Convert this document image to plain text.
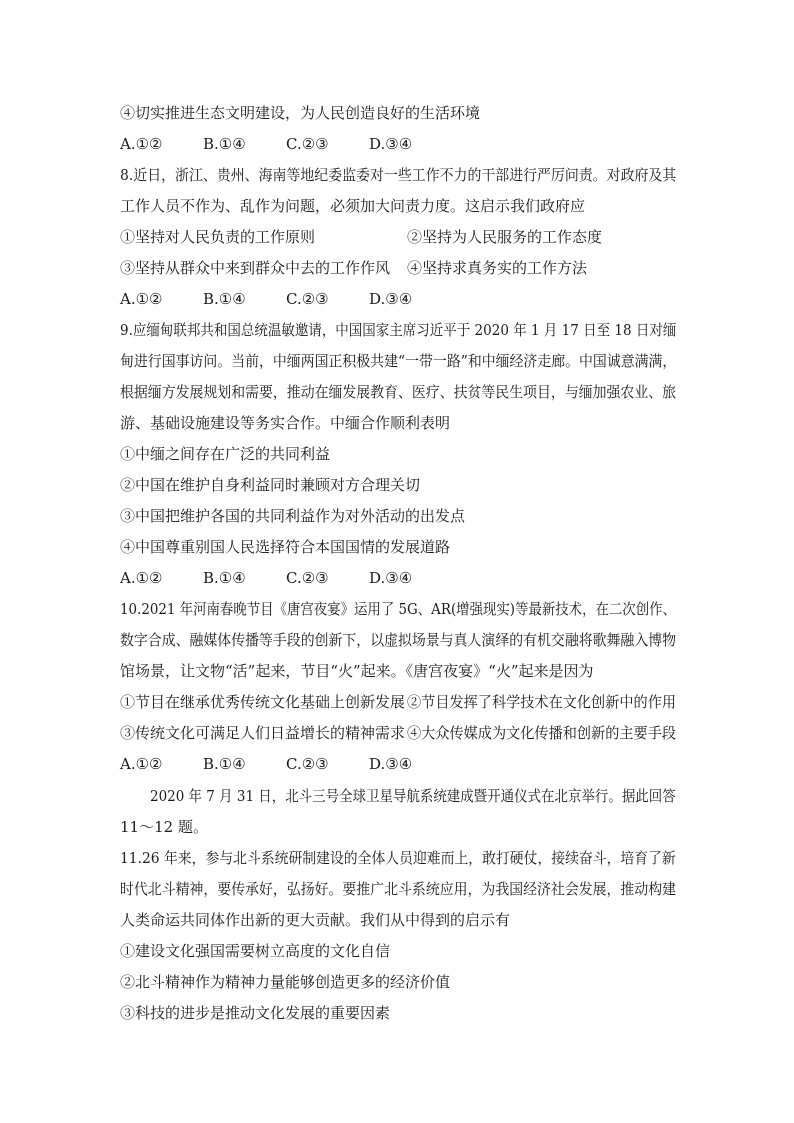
④切实推进生态文明建设，为人民创造良好的生活环境
A.①②	B.①④	C.②③	D.③④
8.近日，浙江、贵州、海南等地纪委监委对一些工作不力的干部进行严厉问责。对政府及其
工作人员不作为、乱作为问题，必须加大问责力度。这启示我们政府应
①坚持对人民负责的工作原则	②坚持为人民服务的工作态度
③坚持从群众中来到群众中去的工作作风 ④坚持求真务实的工作方法
A.①②	B.①④	C.②③	D.③④
9.应缅甸联邦共和国总统温敏邀请，中国国家主席习近平于 2020 年 1 月 17 日至 18 日对缅
甸进行国事访问。当前，中缅两国正积极共建“一带一路”和中缅经济走廊。中国诚意满满，
根据缅方发展规划和需要，推动在缅发展教育、医疗、扶贫等民生项目，与缅加强农业、旅
游、基础设施建设等务实合作。中缅合作顺利表明
①中缅之间存在广泛的共同利益
②中国在维护自身利益同时兼顾对方合理关切
③中国把维护各国的共同利益作为对外活动的出发点
④中国尊重别国人民选择符合本国国情的发展道路
A.①②	B.①④	C.②③	D.③④
10.2021 年河南春晚节目《唐宫夜宴》运用了 5G、AR(增强现实)等最新技术，在二次创作、
数字合成、融媒体传播等手段的创新下，以虚拟场景与真人演绎的有机交融将歌舞融入博物
馆场景，让文物“活”起来，节目“火”起来。《唐宫夜宴》“火”起来是因为
①节目在继承优秀传统文化基础上创新发展 ②节目发挥了科学技术在文化创新中的作用
③传统文化可满足人们日益增长的精神需求 ④大众传媒成为文化传播和创新的主要手段
A.①②	B.①④	C.②③	D.③④
2020 年 7 月 31 日，北斗三号全球卫星导航系统建成暨开通仪式在北京举行。据此回答
11～12 题。
11.26 年来，参与北斗系统研制建设的全体人员迎难而上，敢打硬仗，接续奋斗，培育了新
时代北斗精神，要传承好，弘扬好。要推广北斗系统应用，为我国经济社会发展，推动构建
人类命运共同体作出新的更大贡献。我们从中得到的启示有
①建设文化强国需要树立高度的文化自信
②北斗精神作为精神力量能够创造更多的经济价值
③科技的进步是推动文化发展的重要因素
